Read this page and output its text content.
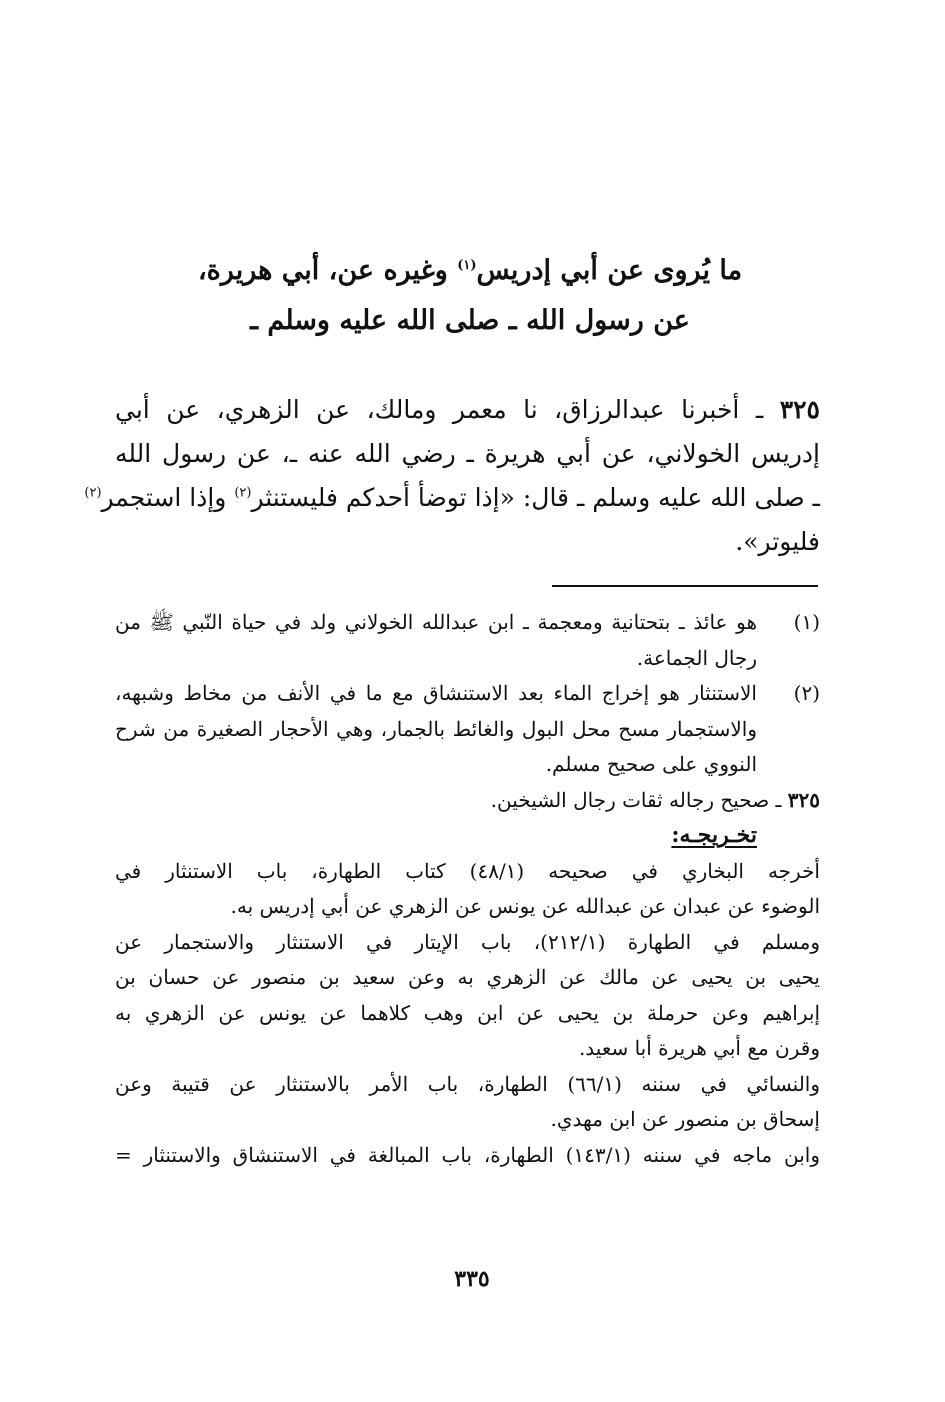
ما يُروى عن أبي إدريس$^{(١)}$ وغيره عن، أبي هريرة،
عن رسول الله ـ صلى الله عليه وسلم ـ
٣٢٥ ـ أخبرنا عبدالرزاق، نا معمر ومالك، عن الزهري، عن أبي
إدريس الخولاني، عن أبي هريرة ـ رضي الله عنه ـ، عن رسول الله
ـ صلى الله عليه وسلم ـ قال: «إذا توضأ أحدكم فليستنثر$^{(٢)}$ وإذا استجمر$^{(٢)}$
فليوتر».
(١)
هو عائذ ـ بتحتانية ومعجمة ـ ابن عبدالله الخولاني ولد في حياة النّبي ﷺ من
رجال الجماعة.
(٢)
الاستنثار هو إخراج الماء بعد الاستنشاق مع ما في الأنف من مخاط وشبهه،
والاستجمار مسح محل البول والغائط بالجمار، وهي الأحجار الصغيرة من شرح
النووي على صحيح مسلم.
٣٢٥ ـ صحيح رجاله ثقات رجال الشيخين.
تخـريجـه:
أخرجه البخاري في صحيحه (٤٨/١) كتاب الطهارة، باب الاستنثار في
الوضوء عن عبدان عن عبدالله عن يونس عن الزهري عن أبي إدريس به.
ومسلم في الطهارة (٢١٢/١)، باب الإيتار في الاستنثار والاستجمار عن
يحيى بن يحيى عن مالك عن الزهري به وعن سعيد بن منصور عن حسان بن
إبراهيم وعن حرملة بن يحيى عن ابن وهب كلاهما عن يونس عن الزهري به
وقرن مع أبي هريرة أبا سعيد.
والنسائي في سننه (٦٦/١) الطهارة، باب الأمر بالاستنثار عن قتيبة وعن
إسحاق بن منصور عن ابن مهدي.
وابن ماجه في سننه (١٤٣/١) الطهارة، باب المبالغة في الاستنشاق والاستنثار =
٣٣٥
